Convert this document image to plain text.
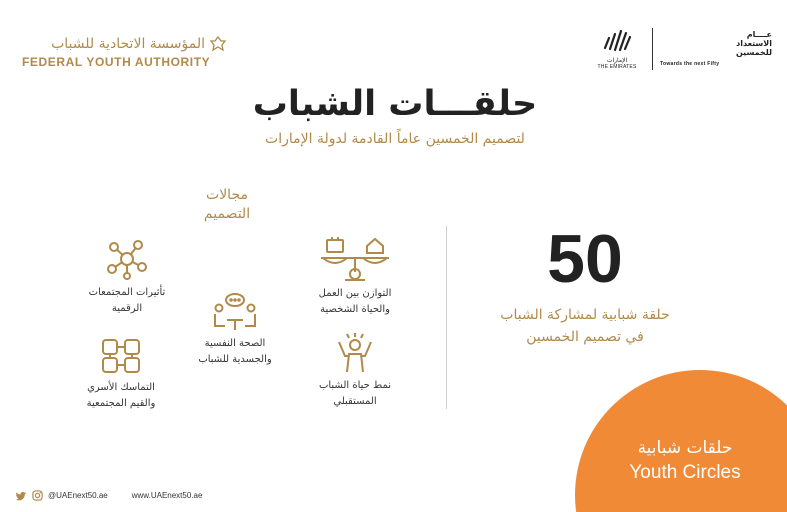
المؤسسة الاتحادية للشباب
FEDERAL YOUTH AUTHORITY	الإمارات
THE EMIRATES
عــــام
الاستعداد
للخمسين
Towards the next Fifty
حلقـــات الشباب
لتصميم الخمسين عاماً القادمة لدولة الإمارات
مجالات
التصميم
تأثيرات المجتمعات
الرقمية
التوازن بين العمل
والحياة الشخصية
الصحة النفسية
والجسدية للشباب
التماسك الأسري
والقيم المجتمعية
نمط حياة الشباب
المستقبلي
50
حلقة شبابية لمشاركة الشباب
في تصميم الخمسين
حلقات شبابية
Youth Circles
@UAEnext50.ae	www.UAEnext50.ae
